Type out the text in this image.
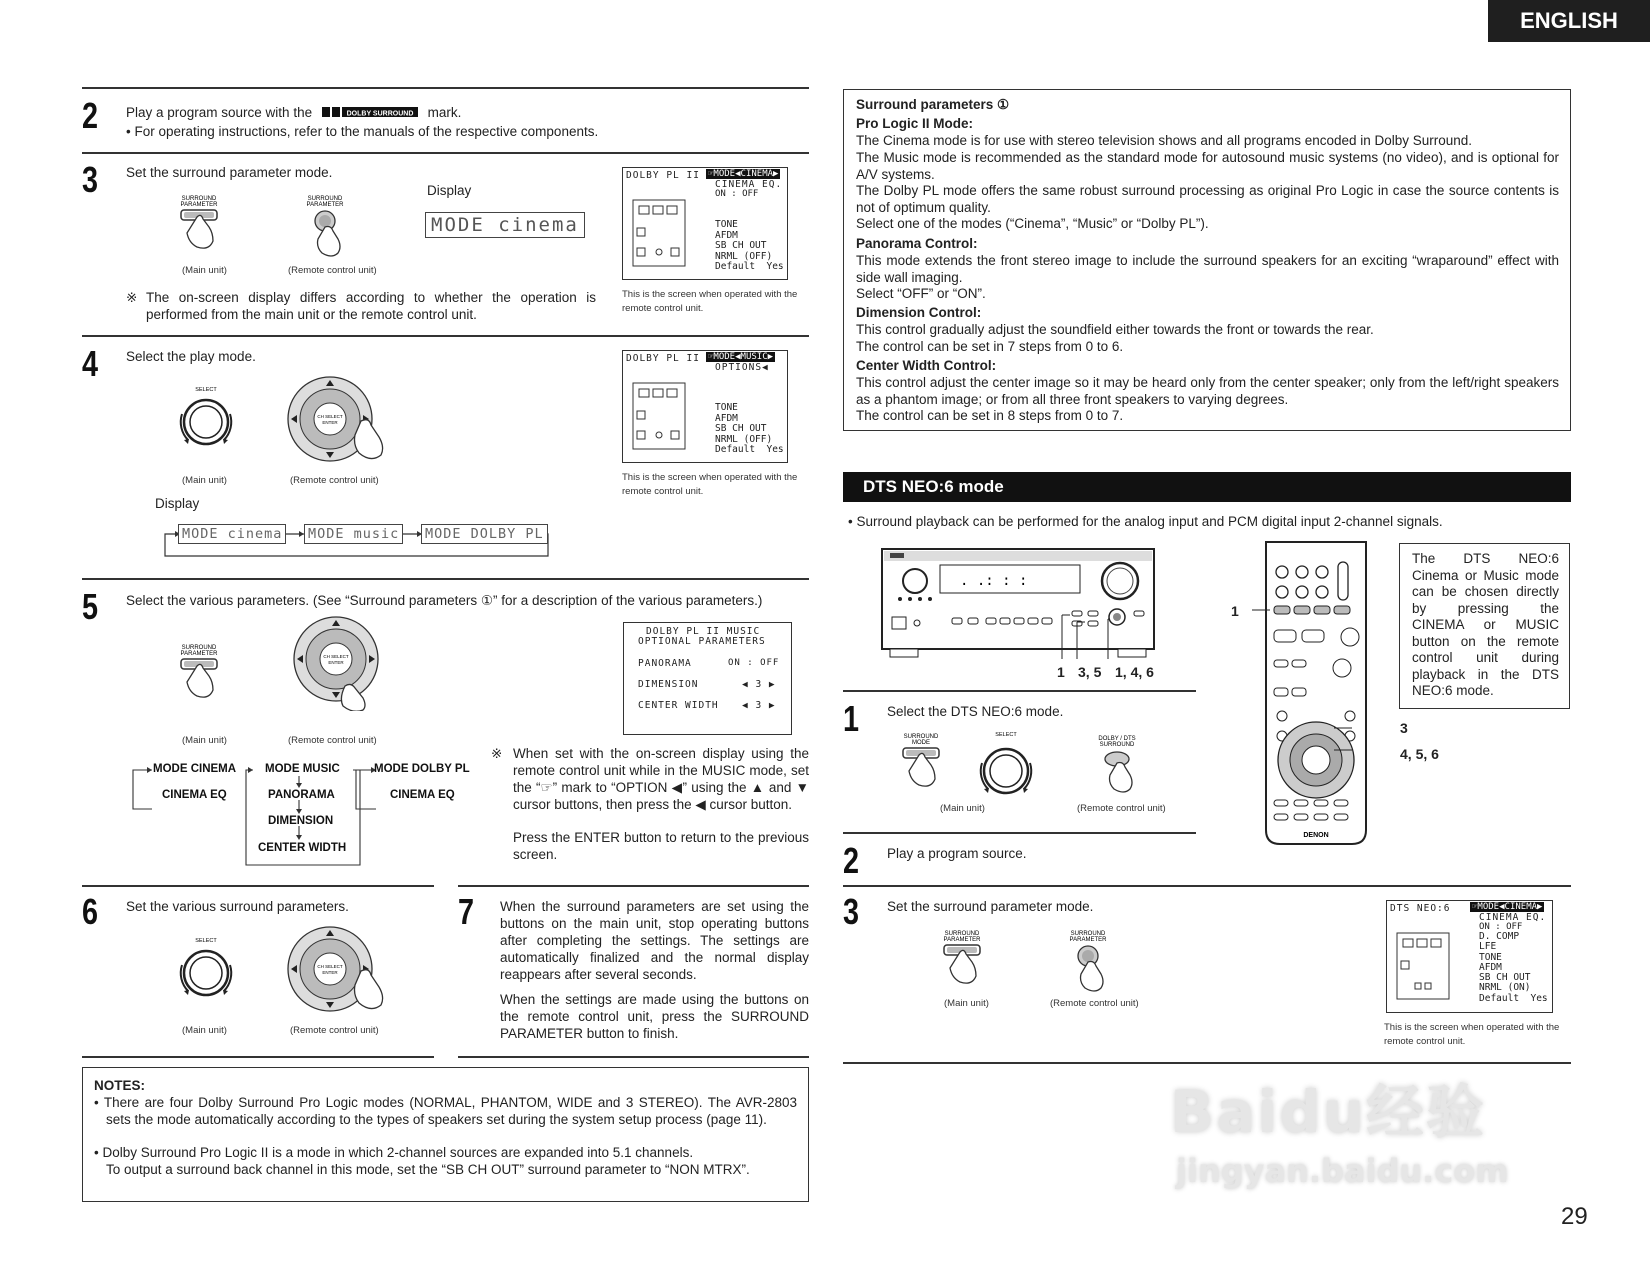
ENGLISH
2 Play a program source with the	DOLBY SURROUND mark.
• For operating instructions, refer to the manuals of the respective components.
3 Set the surround parameter mode.
Display
MODE cinema
SURROUND
PARAMETER
(Main unit)
SURROUND
PARAMETER
(Remote control unit)
※ The on-screen display differs according to whether the operation is performed from the main unit or the remote control unit.
DOLBY PL II ☞MODE◀CINEMA▶
CINEMA EQ.
ON : OFF
TONE
AFDM
SB CH OUT
NRML (OFF)
Default  Yes
This is the screen when operated with the remote control unit.
4 Select the play mode.
SELECT
(Main unit)
CH SELECT
ENTER
(Remote control unit)
Display
MODE cinema MODE music MODE DOLBY PL
DOLBY PL II ☞MODE◀MUSIC▶
OPTIONS◀
TONE
AFDM
SB CH OUT
NRML (OFF)
Default  Yes
This is the screen when operated with the remote control unit.
5 Select the various parameters. (See “Surround parameters ①” for a description of the various parameters.)
SURROUND
PARAMETER
(Main unit)
CH SELECT
ENTER
(Remote control unit)
MODE CINEMA
CINEMA EQ
MODE MUSIC
PANORAMA
DIMENSION
CENTER WIDTH
MODE DOLBY PL
CINEMA EQ
DOLBY PL II MUSIC
OPTIONAL PARAMETERS
PANORAMA	ON : OFF
DIMENSION	◀ 3 ▶
CENTER WIDTH ◀ 3 ▶
※ When set with the on-screen display using the remote control unit while in the MUSIC mode, set the “☞” mark to “OPTION ◀” using the ▲ and ▼ cursor buttons, then press the ◀ cursor button.
Press the ENTER button to return to the previous screen.
6 Set the various surround parameters.
SELECT
(Main unit)
CH SELECT
ENTER
(Remote control unit)
7 When the surround parameters are set using the buttons on the main unit, stop operating buttons after completing the settings. The settings are automatically finalized and the normal display reappears after several seconds.
When the settings are made using the buttons on the remote control unit, press the SURROUND PARAMETER button to finish.
NOTES:
• There are four Dolby Surround Pro Logic modes (NORMAL, PHANTOM, WIDE and 3 STEREO). The AVR-2803 sets the mode automatically according to the types of speakers set during the system setup process (page 11).
• Dolby Surround Pro Logic II is a mode in which 2-channel sources are expanded into 5.1 channels.
To output a surround back channel in this mode, set the “SB CH OUT” surround parameter to “NON MTRX”.
Surround parameters ①
Pro Logic II Mode:
The Cinema mode is for use with stereo television shows and all programs encoded in Dolby Surround.
The Music mode is recommended as the standard mode for autosound music systems (no video), and is optional for A/V systems.
The Dolby PL mode offers the same robust surround processing as original Pro Logic in case the source contents is not of optimum quality.
Select one of the modes (“Cinema”, “Music” or “Dolby PL”).
Panorama Control:
This mode extends the front stereo image to include the surround speakers for an exciting “wraparound” effect with side wall imaging.
Select “OFF” or “ON”.
Dimension Control:
This control gradually adjust the soundfield either towards the front or towards the rear.
The control can be set in 7 steps from 0 to 6.
Center Width Control:
This control adjust the center image so it may be heard only from the center speaker; only from the left/right speakers as a phantom image; or from all three front speakers to varying degrees.
The control can be set in 8 steps from 0 to 7.
DTS NEO:6 mode
• Surround playback can be performed for the analog input and PCM digital input 2-channel signals.
. .: : :
1 3, 5 1, 4, 6
DENON
1
3
4, 5, 6
The DTS NEO:6 Cinema or Music mode can be chosen directly by pressing the CINEMA or MUSIC button on the remote control unit during playback in the DTS NEO:6 mode.
1 Select the DTS NEO:6 mode.
SURROUND
MODE
SELECT
DOLBY / DTS
SURROUND
(Main unit)	(Remote control unit)
2 Play a program source.
3 Set the surround parameter mode.
SURROUND
PARAMETER
SURROUND
PARAMETER
(Main unit)	(Remote control unit)
DTS NEO:6 ☞MODE◀CINEMA▶
CINEMA EQ.
ON : OFF
D. COMP
LFE
TONE
AFDM
SB CH OUT
NRML (ON)
Default  Yes
This is the screen when operated with the remote control unit.
Baidu经验
jingyan.baidu.com
29
